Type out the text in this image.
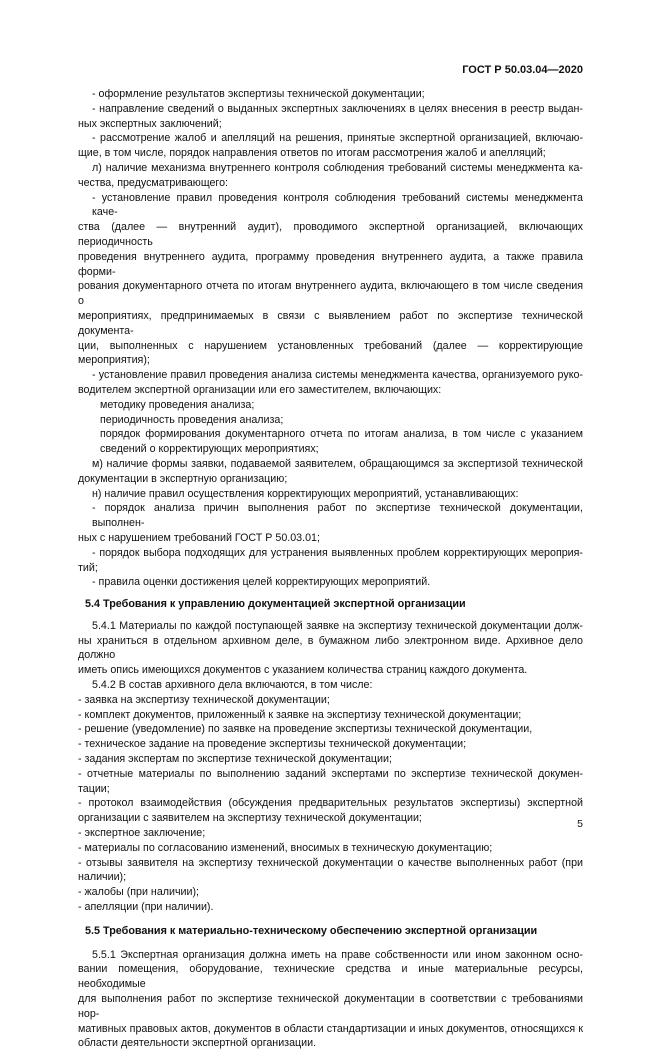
ГОСТ Р 50.03.04—2020

- оформление результатов экспертизы технической документации;

- направление сведений о выданных экспертных заключениях в целях внесения в реестр выдан-

ных экспертных заключений;

- рассмотрение жалоб и апелляций на решения, принятые экспертной организацией, включаю-

щие, в том числе, порядок направления ответов по итогам рассмотрения жалоб и апелляций;

л) наличие механизма внутреннего контроля соблюдения требований системы менеджмента ка-

чества, предусматривающего:

- установление правил проведения контроля соблюдения требований системы менеджмента каче-

ства (далее — внутренний аудит), проводимого экспертной организацией, включающих периодичность

проведения внутреннего аудита, программу проведения внутреннего аудита, а также правила форми-

рования документарного отчета по итогам внутреннего аудита, включающего в том числе сведения о

мероприятиях, предпринимаемых в связи с выявлением работ по экспертизе технической документа-

ции, выполненных с нарушением установленных требований (далее — корректирующие мероприятия);

- установление правил проведения анализа системы менеджмента качества, организуемого руко-

водителем экспертной организации или его заместителем, включающих:

методику проведения анализа;

периодичность проведения анализа;

порядок формирования документарного отчета по итогам анализа, в том числе с указанием

сведений о корректирующих мероприятиях;

м) наличие формы заявки, подаваемой заявителем, обращающимся за экспертизой технической

документации в экспертную организацию;

н) наличие правил осуществления корректирующих мероприятий, устанавливающих:

- порядок анализа причин выполнения работ по экспертизе технической документации, выполнен-

ных с нарушением требований ГОСТ Р 50.03.01;

- порядок выбора подходящих для устранения выявленных проблем корректирующих мероприя-

тий;

- правила оценки достижения целей корректирующих мероприятий.

5.4 Требования к управлению документацией экспертной организации

5.4.1 Материалы по каждой поступающей заявке на экспертизу технической документации долж-

ны храниться в отдельном архивном деле, в бумажном либо электронном виде. Архивное дело должно

иметь опись имеющихся документов с указанием количества страниц каждого документа.

5.4.2 В состав архивного дела включаются, в том числе:

- заявка на экспертизу технической документации;

- комплект документов, приложенный к заявке на экспертизу технической документации;

- решение (уведомление) по заявке на проведение экспертизы технической документации,

- техническое задание на проведение экспертизы технической документации;

- задания экспертам по экспертизе технической документации;

- отчетные материалы по выполнению заданий экспертами по экспертизе технической докумен-

тации;

- протокол взаимодействия (обсуждения предварительных результатов экспертизы) экспертной

организации с заявителем на экспертизу технической документации;

- экспертное заключение;

- материалы по согласованию изменений, вносимых в техническую документацию;

- отзывы заявителя на экспертизу технической документации о качестве выполненных работ (при

наличии);

- жалобы (при наличии);

- апелляции (при наличии).

5.5 Требования к материально-техническому обеспечению экспертной организации

5.5.1 Экспертная организация должна иметь на праве собственности или ином законном осно-

вании помещения, оборудование, технические средства и иные материальные ресурсы, необходимые

для выполнения работ по экспертизе технической документации в соответствии с требованиями нор-

мативных правовых актов, документов в области стандартизации и иных документов, относящихся к

области деятельности экспертной организации.

5
